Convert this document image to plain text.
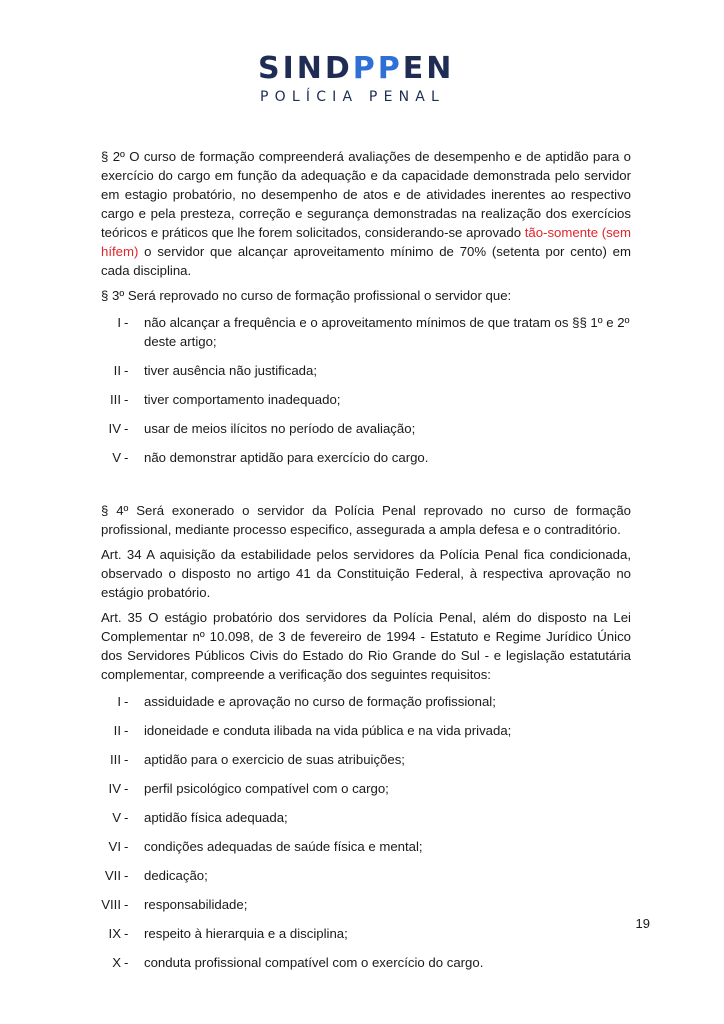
SIND PP EN
POLÍCIA PENAL

§ 2º O curso de formação compreenderá avaliações de desempenho e de aptidão para o exercício do cargo em função da adequação e da capacidade demonstrada pelo servidor em estagio probatório, no desempenho de atos e de atividades inerentes ao respectivo cargo e pela presteza, correção e segurança demonstradas na realização dos exercícios teóricos e práticos que lhe forem solicitados, considerando-se aprovado tão-somente (sem hífem) o servidor que alcançar aproveitamento mínimo de 70% (setenta por cento) em cada disciplina.

§ 3º Será reprovado no curso de formação profissional o servidor que:

I -	não alcançar a frequência e o aproveitamento mínimos de que tratam os §§ 1º e 2º deste artigo;
II -	tiver ausência não justificada;
III -	tiver comportamento inadequado;
IV -	usar de meios ilícitos no período de avaliação;
V -	não demonstrar aptidão para exercício do cargo.

§ 4º Será exonerado o servidor da Polícia Penal reprovado no curso de formação profissional, mediante processo especifico, assegurada a ampla defesa e o contraditório.

Art. 34 A aquisição da estabilidade pelos servidores da Polícia Penal fica condicionada, observado o disposto no artigo 41 da Constituição Federal, à respectiva aprovação no estágio probatório.

Art. 35 O estágio probatório dos servidores da Polícia Penal, além do disposto na Lei Complementar nº 10.098, de 3 de fevereiro de 1994 - Estatuto e Regime Jurídico Único dos Servidores Públicos Civis do Estado do Rio Grande do Sul - e legislação estatutária complementar, compreende a verificação dos seguintes requisitos:

I -	assiduidade e aprovação no curso de formação profissional;
II -	idoneidade e conduta ilibada na vida pública e na vida privada;
III -	aptidão para o exercicio de suas atribuições;
IV -	perfil psicológico compatível com o cargo;
V -	aptidão física adequada;
VI -	condições adequadas de saúde física e mental;
VII -	dedicação;
VIII -	responsabilidade;
IX -	respeito à hierarquia e a disciplina;
X -	conduta profissional compatível com o exercício do cargo.
19
